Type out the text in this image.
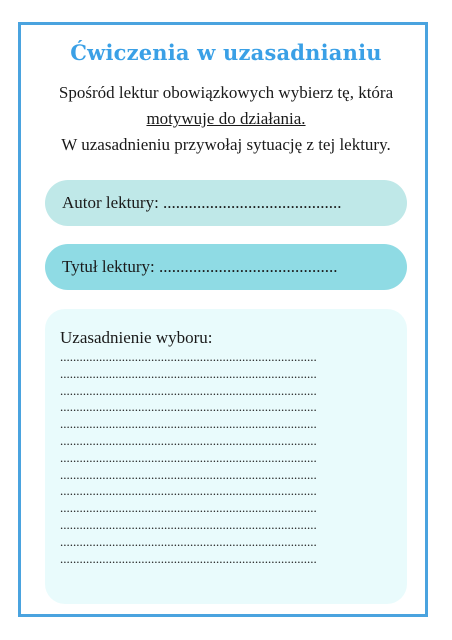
Ćwiczenia w uzasadnianiu
Spośród lektur obowiązkowych wybierz tę, która
motywuje do działania.
W uzasadnieniu przywołaj sytuację z tej lektury.
Autor lektury: ..........................................
Tytuł lektury: ..........................................
Uzasadnienie wyboru:
...............................................................................
...............................................................................
...............................................................................
...............................................................................
...............................................................................
...............................................................................
...............................................................................
...............................................................................
...............................................................................
...............................................................................
...............................................................................
...............................................................................
...............................................................................
